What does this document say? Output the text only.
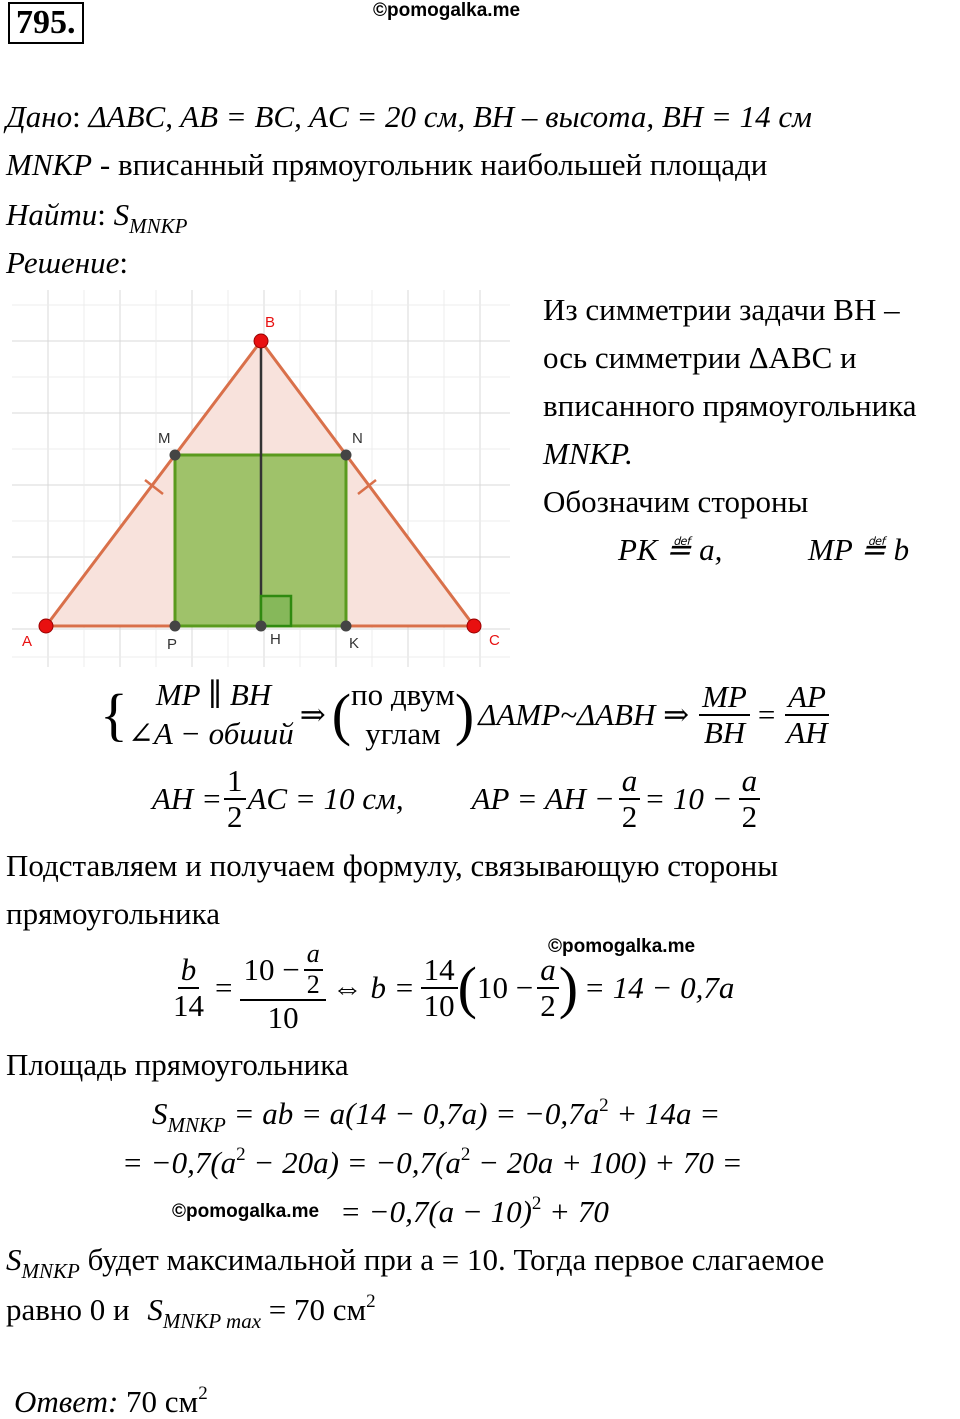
795.	©pomogalka.me
Дано: ΔABC, AB = BC, AC = 20 см, BH – высота, BH = 14 см
MNKP - вписанный прямоугольник наибольшей площади
Найти: $S_{MNKP}$
Решение:
A
B
C
M	N
P	K
H
Из симметрии задачи BH –
ось симметрии ΔABC и
вписанного прямоугольника
MNKP.
Обозначим стороны
PK ≝ a,	MP ≝ b
{ MP ∥ BH
∠A − обший
⇒ ( по двум
углам ) ΔAMP~ΔABH ⇒ $\frac{MP}{BH} = \frac{AP}{AH}$
AH = $\frac{1}{2}$ AC = 10 см, AP = AH − $\frac{a}{2} = 10 - \frac{a}{2}$
Подставляем и получаем формулу, связывающую стороны
прямоугольника
©pomogalka.me
$\frac{b}{14} = \frac{10 - \frac{a}{2}}{10}$ ⇔ $b = \frac{14}{10}$ ( $10 - \frac{a}{2}$ ) = 14 − 0,7a
Площадь прямоугольника
$S_{MNKP}$ = ab = $a(14 - 0,7a) = -0,7a^2 + 14a$ =
= $-0,7(a^2 - 20a) = -0,7(a^2 - 20a + 100) + 70$ =
©pomogalka.me = $-0,7(a - 10)^2 + 70$
$S_{MNKP}$ будет максимальной при a = 10. Тогда первое слагаемое
равно 0 и $S_{MNKP max} = 70$ $см^2$
Ответ: 70 $см^2$
